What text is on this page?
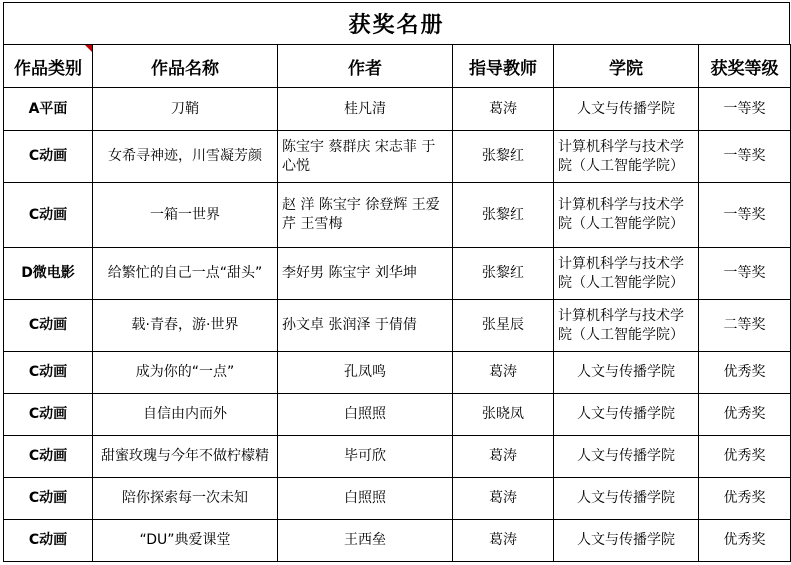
获奖名册
作品类别	作品名称	作者	指导教师	学院	获奖等级
A平面	刀鞘	桂凡清	葛涛	人文与传播学院	一等奖
C动画	女希寻神迹，川雪凝芳颜	陈宝宇 蔡群庆 宋志菲 于心悦	张黎红	计算机科学与技术学院（人工智能学院）	一等奖
C动画	一箱一世界	赵 洋 陈宝宇 徐登辉 王爱芹 王雪梅	张黎红	计算机科学与技术学院（人工智能学院）	一等奖
D微电影	给繁忙的自己一点“甜头”	李好男 陈宝宇 刘华坤	张黎红	计算机科学与技术学院（人工智能学院）	一等奖
C动画	载·青春，游·世界	孙文卓 张润泽 于倩倩	张星辰	计算机科学与技术学院（人工智能学院）	二等奖
C动画	成为你的“一点”	孔凤鸣	葛涛	人文与传播学院	优秀奖
C动画	自信由内而外	白照照	张晓凤	人文与传播学院	优秀奖
C动画	甜蜜玫瑰与今年不做柠檬精	毕可欣	葛涛	人文与传播学院	优秀奖
C动画	陪你探索每一次未知	白照照	葛涛	人文与传播学院	优秀奖
C动画	“DU”典爱课堂	王西垒	葛涛	人文与传播学院	优秀奖
